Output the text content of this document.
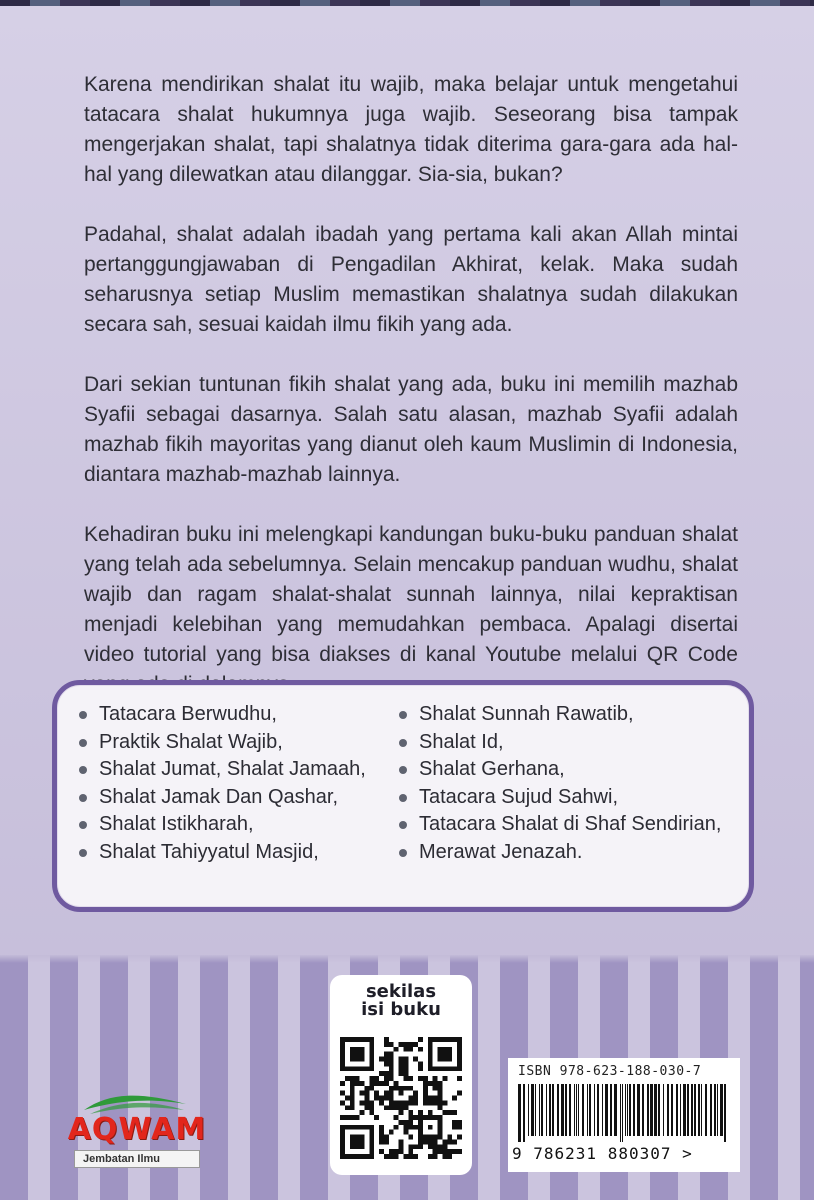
Karena mendirikan shalat itu wajib, maka belajar untuk mengetahui tatacara shalat hukumnya juga wajib. Seseorang bisa tampak mengerjakan shalat, tapi shalatnya tidak diterima gara-gara ada hal-hal yang dilewatkan atau dilanggar. Sia-sia, bukan?

Padahal, shalat adalah ibadah yang pertama kali akan Allah mintai pertanggungjawaban di Pengadilan Akhirat, kelak. Maka sudah seharusnya setiap Muslim memastikan shalatnya sudah dilakukan secara sah, sesuai kaidah ilmu fikih yang ada.

Dari sekian tuntunan fikih shalat yang ada, buku ini memilih mazhab Syafii sebagai dasarnya. Salah satu alasan, mazhab Syafii adalah mazhab fikih mayoritas yang dianut oleh kaum Muslimin di Indonesia, diantara mazhab-mazhab lainnya.

Kehadiran buku ini melengkapi kandungan buku-buku panduan shalat yang telah ada sebelumnya. Selain mencakup panduan wudhu, shalat wajib dan ragam shalat-shalat sunnah lainnya, nilai kepraktisan menjadi kelebihan yang memudahkan pembaca. Apalagi disertai video tutorial yang bisa diakses di kanal Youtube melalui QR Code

Tatacara Berwudhu,
Praktik Shalat Wajib,
Shalat Jumat, Shalat Jamaah,
Shalat Jamak Dan Qashar,
Shalat Istikharah,
Shalat Tahiyyatul Masjid,
Shalat Sunnah Rawatib,
Shalat Id,
Shalat Gerhana,
Tatacara Sujud Sahwi,
Tatacara Shalat di Shaf Sendirian,
Merawat Jenazah.
AQWAM
Jembatan Ilmu
sekilas
isi buku
ISBN 978-623-188-030-7
9 786231 880307 >
